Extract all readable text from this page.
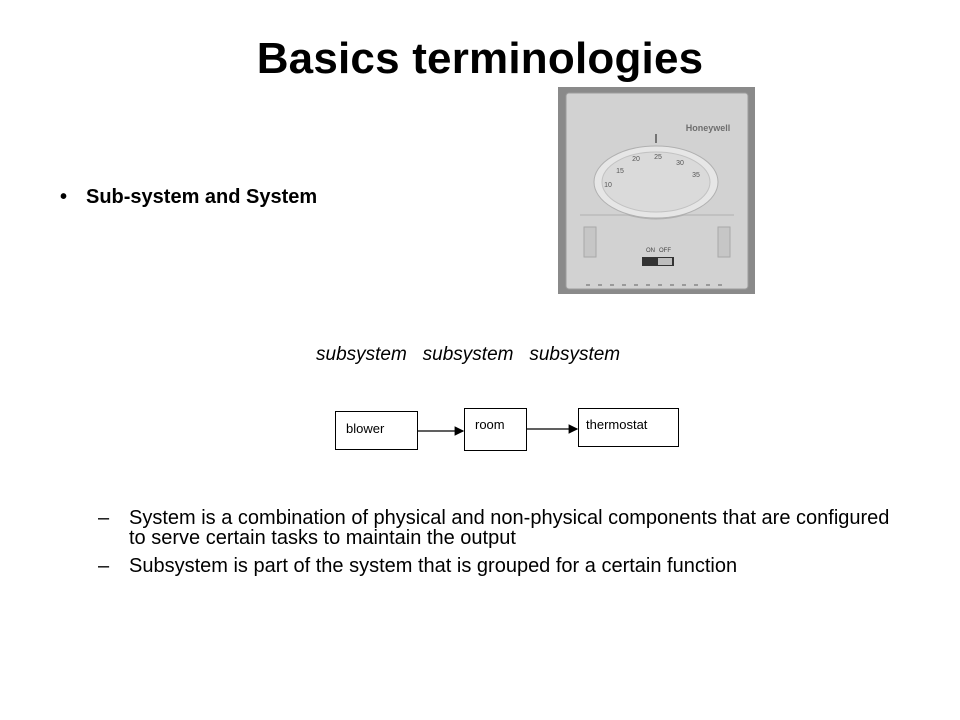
Basics terminologies
• Sub-system and System
Honeywell
10
15
20 25
30
35
ON OFF
subsystem subsystem subsystem
blower	room	thermostat
– System is a combination of physical and non-physical components that are configured to serve certain tasks to maintain the output
– Subsystem is part of the system that is grouped for a certain function
